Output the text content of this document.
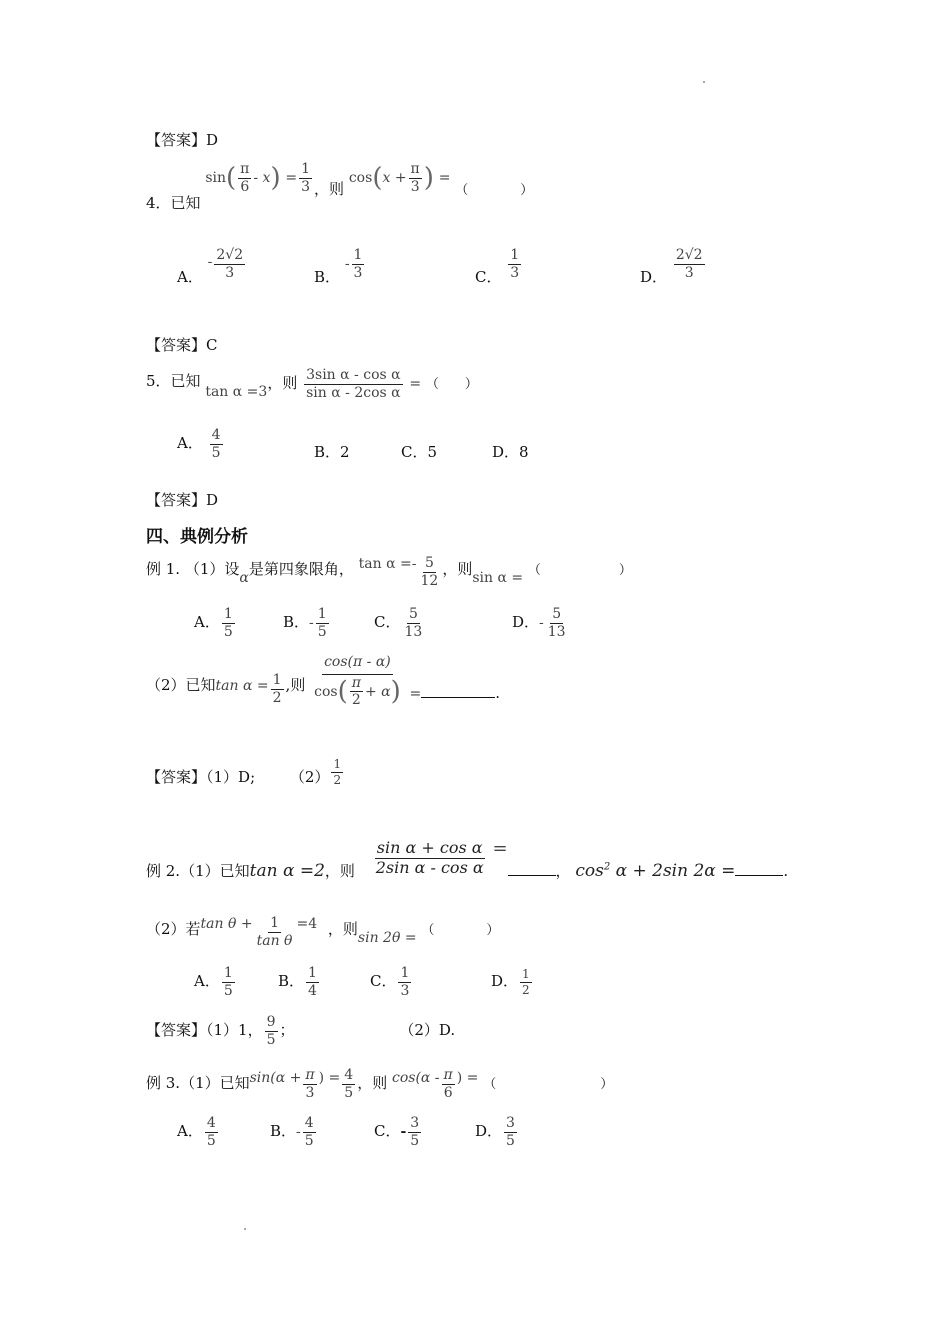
【答案】D
4．已知 $\sin( \frac{\pi}{6} - x) = \frac{1}{3}$ ，则 $\cos(x + \frac{\pi}{3}$ ) = （　　　　）
A． - $\frac{2√2}{3}$	B． - $\frac{1}{3}$	C． $\frac{1}{3}$	D． $\frac{2√2}{3}$
【答案】C
5．已知 tan α =3，则 $\frac{\text{3sin α - cos α}}{\text{sin α - 2cos α}}$ = （　　）
A． $\frac{4}{5}$	B．2	C．5	D．8
【答案】D
四、典例分析
例 1. （1）设α是第四象限角， $\tan \alpha =- \frac{5}{12}$ ，则sin α = （　　　　　　）
A． $\frac{1}{5}$	B．- $\frac{1}{5}$	C． $\frac{5}{13}$	D．- $\frac{5}{13}$
（2）已知$\tan \alpha = \frac{1}{2}$ ,则 $\frac{\cos(\pi - \alpha)}{\cos( \frac{\pi}{2} + \alpha)}$ =	.
【答案】（1）D; $(2) \frac{1}{2}$
例 2.（1）已知tan α =2，则 $\frac{\text{sin α + cos α}}{\text{2sin α - cos α}}$ =， $\cos^2 \alpha + 2\sin$ 2α =	.
（2）若$\tan \theta + \frac{1}{\text{tan θ}} =4$ ，则sin 2θ = （　　　　）
A． $\frac{1}{5}$	B． $\frac{1}{4}$	C． $\frac{1}{3}$	D． $\frac{1}{2}$
【答案】（1）1， $\frac{9}{5}$ ；	（2）D.
例 3.（1）已知$\sin(\alpha + \frac{\pi}{3}$ ) = $\frac{4}{5}$ ，则 $\cos(\alpha - \frac{\pi}{6}$ ) = （　　　　　　　　）
A． $\frac{4}{5}$	B．- $\frac{4}{5}$	C．- $\frac{3}{5}$	D． $\frac{3}{5}$
